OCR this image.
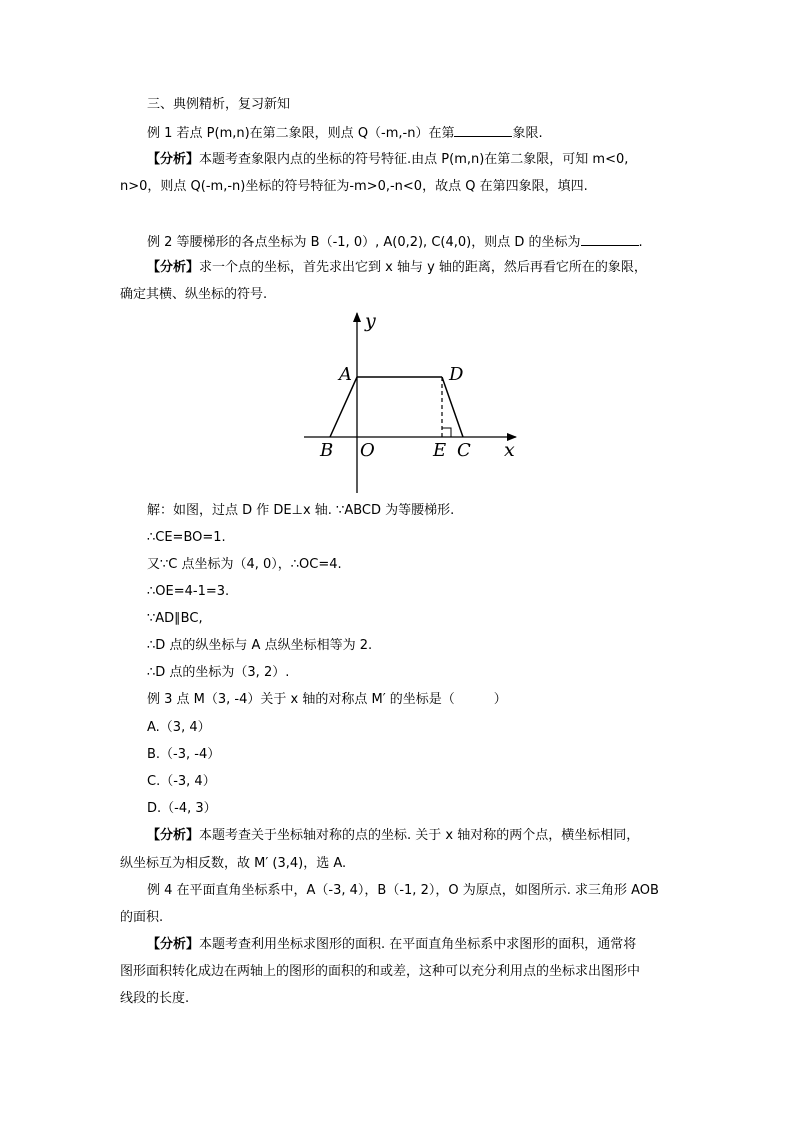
三、典例精析，复习新知
例 1 若点 P(m,n)在第二象限，则点 Q（-m,-n）在第	象限.
【分析】本题考查象限内点的坐标的符号特征.由点 P(m,n)在第二象限，可知 m<0,
n>0，则点 Q(-m,-n)坐标的符号特征为-m>0,-n<0，故点 Q 在第四象限，填四.
例 2 等腰梯形的各点坐标为 B（-1, 0）, A(0,2), C(4,0)，则点 D 的坐标为	.
【分析】求一个点的坐标，首先求出它到 x 轴与 y 轴的距离，然后再看它所在的象限，
确定其横、纵坐标的符号.
y
x
A	D
B O	E C
解：如图，过点 D 作 DE⊥x 轴. ∵ABCD 为等腰梯形.
∴CE=BO=1.
又∵C 点坐标为（4, 0），∴OC=4.
∴OE=4-1=3.
∵AD∥BC,
∴D 点的纵坐标与 A 点纵坐标相等为 2.
∴D 点的坐标为（3, 2）.
例 3 点 M（3, -4）关于 x 轴的对称点 M′ 的坐标是（　　　）
A.（3, 4）
B.（-3, -4）
C.（-3, 4）
D.（-4, 3）
【分析】本题考查关于坐标轴对称的点的坐标. 关于 x 轴对称的两个点，横坐标相同，
纵坐标互为相反数，故 M′ (3,4)，选 A.
例 4 在平面直角坐标系中，A（-3, 4），B（-1, 2），O 为原点，如图所示. 求三角形 AOB
的面积.
【分析】本题考查利用坐标求图形的面积. 在平面直角坐标系中求图形的面积，通常将
图形面积转化成边在两轴上的图形的面积的和或差，这种可以充分利用点的坐标求出图形中
线段的长度.
